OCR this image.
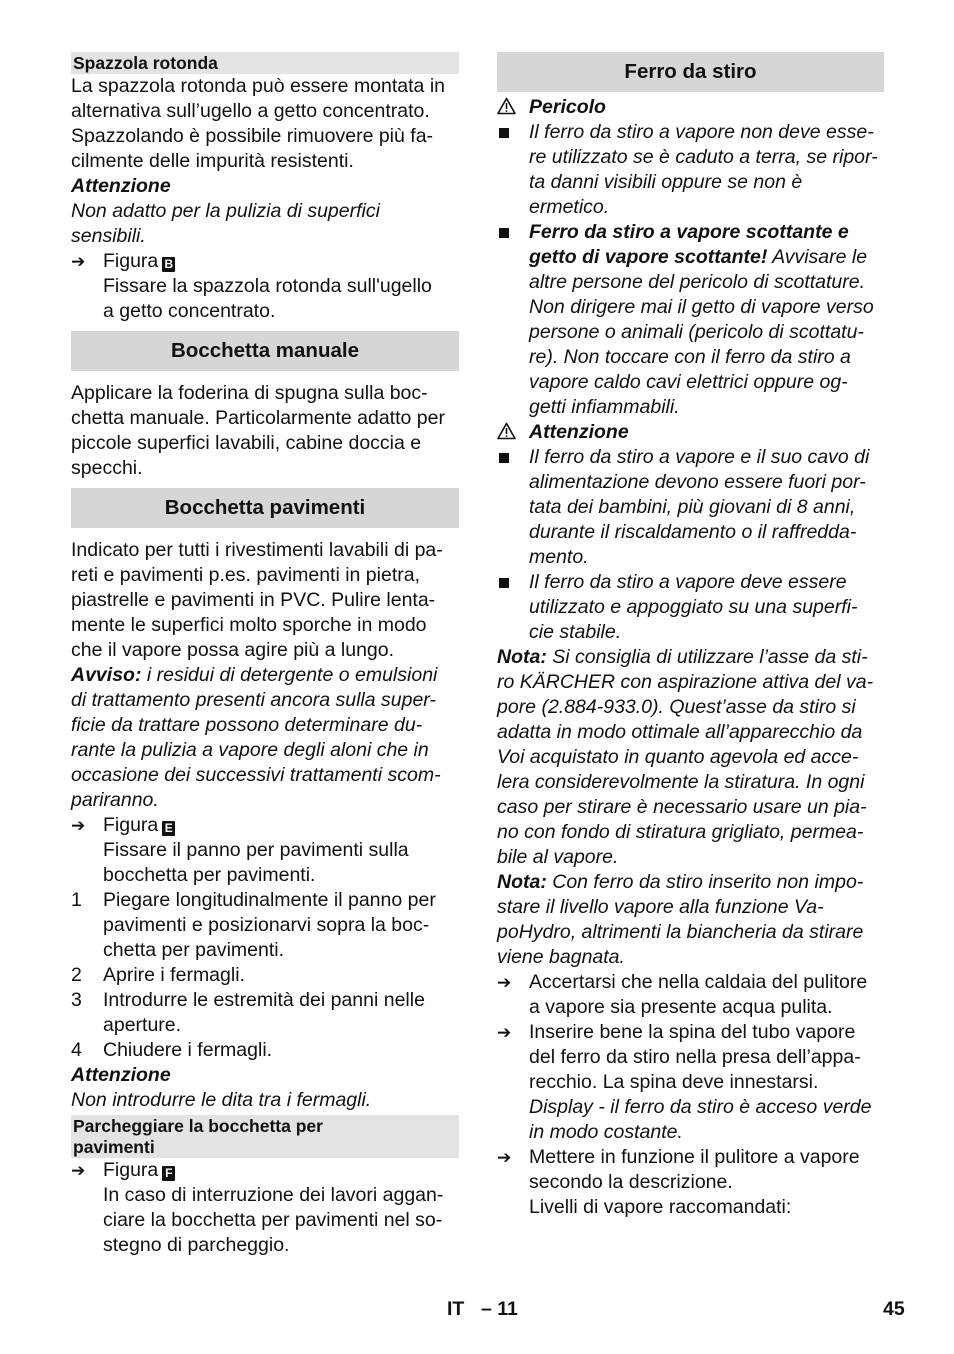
Spazzola rotonda

La spazzola rotonda può essere montata in
alternativa sull’ugello a getto concentrato.
Spazzolando è possibile rimuovere più fa-
cilmente delle impurità resistenti.

Attenzione

Non adatto per la pulizia di superfici sensibili.

➔ Figura B
Fissare la spazzola rotonda sull'ugello
a getto concentrato.
Bocchetta manuale

Applicare la foderina di spugna sulla boc-
chetta manuale. Particolarmente adatto per
piccole superfici lavabili, cabine doccia e
specchi.

Bocchetta pavimenti

Indicato per tutti i rivestimenti lavabili di pa-
reti e pavimenti p.es. pavimenti in pietra,
piastrelle e pavimenti in PVC. Pulire lenta-
mente le superfici molto sporche in modo
che il vapore possa agire più a lungo.

Avviso: i residui di detergente o emulsioni
di trattamento presenti ancora sulla super-
ficie da trattare possono determinare du-
rante la pulizia a vapore degli aloni che in
occasione dei successivi trattamenti scom-
pariranno.

➔ Figura E
Fissare il panno per pavimenti sulla
bocchetta per pavimenti.
1	Piegare longitudinalmente il panno per
pavimenti e posizionarvi sopra la boc-
chetta per pavimenti.
2	Aprire i fermagli.
3	Introdurre le estremità dei panni nelle
aperture.
4	Chiudere i fermagli.

Attenzione

Non introdurre le dita tra i fermagli.

Parcheggiare la bocchetta per
pavimenti
➔ Figura F
In caso di interruzione dei lavori aggan-
ciare la bocchetta per pavimenti nel so-
stegno di parcheggio.
Ferro da stiro

Pericolo

Il ferro da stiro a vapore non deve esse-
re utilizzato se è caduto a terra, se ripor-
ta danni visibili oppure se non è
ermetico.
Ferro da stiro a vapore scottante e
getto di vapore scottante! Avvisare le
altre persone del pericolo di scottature.
Non dirigere mai il getto di vapore verso
persone o animali (pericolo di scottatu-
re). Non toccare con il ferro da stiro a
vapore caldo cavi elettrici oppure og-
getti infiammabili.

Attenzione

Il ferro da stiro a vapore e il suo cavo di
alimentazione devono essere fuori por-
tata dei bambini, più giovani di 8 anni,
durante il riscaldamento o il raffredda-
mento.
Il ferro da stiro a vapore deve essere
utilizzato e appoggiato su una superfi-
cie stabile.

Nota: Si consiglia di utilizzare l’asse da sti-
ro KÄRCHER con aspirazione attiva del va-
pore (2.884-933.0). Quest’asse da stiro si
adatta in modo ottimale all’apparecchio da
Voi acquistato in quanto agevola ed acce-
lera considerevolmente la stiratura. In ogni
caso per stirare è necessario usare un pia-
no con fondo di stiratura grigliato, permea-
bile al vapore.

Nota: Con ferro da stiro inserito non impo-
stare il livello vapore alla funzione Va-
poHydro, altrimenti la biancheria da stirare
viene bagnata.

➔ Accertarsi che nella caldaia del pulitore
a vapore sia presente acqua pulita.
➔ Inserire bene la spina del tubo vapore
del ferro da stiro nella presa dell’appa-
recchio. La spina deve innestarsi.
Display - il ferro da stiro è acceso verde
in modo costante.
➔ Mettere in funzione il pulitore a vapore
secondo la descrizione.
Livelli di vapore raccomandati:
IT – 11	45
